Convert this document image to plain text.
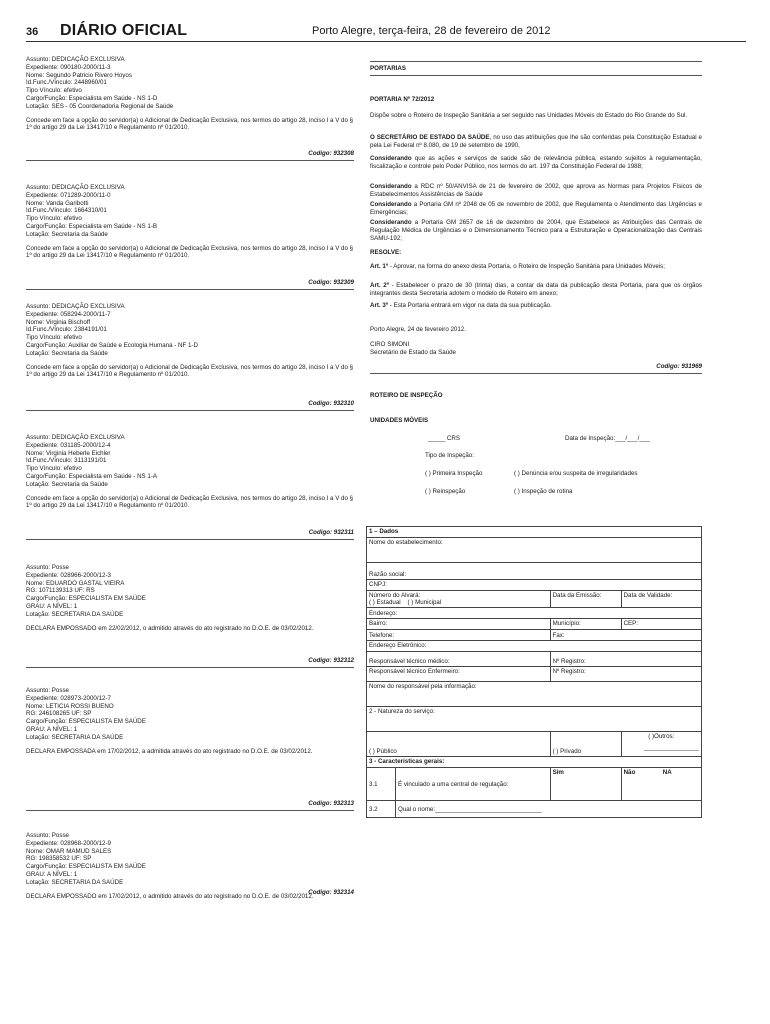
36 DIÁRIO OFICIAL	Porto Alegre, terça-feira, 28 de fevereiro de 2012
Assunto: DEDICAÇÃO EXCLUSIVA
Expediente: 090180-2000/11-3
Nome: Segundo Patricio Rivero Hoyos
Id.Func./Vínculo: 2448960/01
Tipo Vínculo: efetivo
Cargo/Função: Especialista em Saúde - NS 1-D
Lotação: SES - 05 Coordenadoria Regional de Saúde
Concede em face a opção do servidor(a) o Adicional de Dedicação Exclusiva, nos termos do artigo 28, inciso I a V do § 1º do artigo 29 da Lei 13417/10 e Regulamento nº 01/2010.
Codigo: 932308
Assunto: DEDICAÇÃO EXCLUSIVA
Expediente: 071289-2000/11-0
Nome: Vanda Garibotti
Id.Func./Vínculo: 1664310/01
Tipo Vínculo: efetivo
Cargo/Função: Especialista em Saúde - NS 1-B
Lotação: Secretaria da Saúde
Concede em face a opção do servidor(a) o Adicional de Dedicação Exclusiva, nos termos do artigo 28, inciso I a V do § 1º do artigo 29 da Lei 13417/10 e Regulamento nº 01/2010.
Codigo: 932309
Assunto: DEDICAÇÃO EXCLUSIVA
Expediente: 058294-2000/11-7
Nome: Virginia Bischoff
Id.Func./Vínculo: 2384191/01
Tipo Vínculo: efetivo
Cargo/Função: Auxiliar de Saúde e Ecologia Humana - NF 1-D
Lotação: Secretaria da Saúde
Concede em face a opção do servidor(a) o Adicional de Dedicação Exclusiva, nos termos do artigo 28, inciso I a V do § 1º do artigo 29 da Lei 13417/10 e Regulamento nº 01/2010.
Codigo: 932310
Assunto: DEDICAÇÃO EXCLUSIVA
Expediente: 031185-2000/12-4
Nome: Virginia Heberle Eichler
Id.Func./Vínculo: 3113191/01
Tipo Vínculo: efetivo
Cargo/Função: Especialista em Saúde - NS 1-A
Lotação: Secretaria da Saúde
Concede em face a opção do servidor(a) o Adicional de Dedicação Exclusiva, nos termos do artigo 28, inciso I a V do § 1º do artigo 29 da Lei 13417/10 e Regulamento nº 01/2010.
Codigo: 932311
Assunto: Posse
Expediente: 028966-2000/12-3
Nome: EDUARDO GASTAL VIEIRA
RG: 1071139313 UF: RS
Cargo/Função: ESPECIALISTA EM SAÚDE
GRAU: A NÍVEL: 1
Lotação: SECRETARIA DA SAÚDE
DECLARA EMPOSSADO em 22/02/2012, o admitido através do ato registrado no D.O.E. de 03/02/2012.
Codigo: 932312
Assunto: Posse
Expediente: 028973-2000/12-7
Nome: LETICIA ROSSI BUENO
RG: 246108265 UF: SP
Cargo/Função: ESPECIALISTA EM SAÚDE
GRAU: A NÍVEL: 1
Lotação: SECRETARIA DA SAÚDE
DECLARA EMPOSSADA em 17/02/2012, a admitida através do ato registrado no D.O.E. de 03/02/2012.
Codigo: 932313
Assunto: Posse
Expediente: 028968-2000/12-9
Nome: OMAR MAMUD SALES
RG: 198358532 UF: SP
Cargo/Função: ESPECIALISTA EM SAÚDE
GRAU: A NÍVEL: 1
Lotação: SECRETARIA DA SAÚDE
DECLARA EMPOSSADO em 17/02/2012, o admitido através do ato registrado no D.O.E. de 03/02/2012.
Codigo: 932314
PORTARIAS
PORTARIA Nº 72/2012
Dispõe sobre o Roteiro de Inspeção Sanitária a ser seguido nas Unidades Móveis do Estado do Rio Grande do Sul.
O SECRETÁRIO DE ESTADO DA SAÚDE, no uso das atribuições que lhe são conferidas pela Constituição Estadual e pela Lei Federal nº 8.080, de 19 de setembro de 1990,
Considerando que as ações e serviços de saúde são de relevância pública, estando sujeitos à regulamentação, fiscalização e controle pelo Poder Público, nos termos do art. 197 da Constituição Federal de 1988;
Considerando a RDC nº 50/ANVISA de 21 de fevereiro de 2002, que aprova as Normas para Projetos Físicos de Estabelecimentos Assistências de Saúde
Considerando a Portaria GM nº 2048 de 05 de novembro de 2002, que Regulamenta o Atendimento das Urgências e Emergências;
Considerando a Portaria GM 2657 de 16 de dezembro de 2004, que Estabelece as Atribuições das Centrais de Regulação Médica de Urgências e o Dimensionamento Técnico para a Estruturação e Operacionalização das Centrais SAMU-192;
RESOLVE:
Art. 1º - Aprovar, na forma do anexo desta Portaria, o Roteiro de Inspeção Sanitária para Unidades Móveis;
Art. 2º - Estabelecer o prazo de 30 (trinta) dias, a contar da data da publicação desta Portaria, para que os órgãos integrantes desta Secretaria adotem o modelo de Roteiro em anexo;
Art. 3º - Esta Portaria entrará em vigor na data da sua publicação.
Porto Alegre, 24 de fevereiro 2012.
CIRO SIMONI
Secretário de Estado da Saúde
Codigo: 931969
ROTEIRO DE INSPEÇÃO
UNIDADES MÓVEIS
_____ CRS	Data de Inspeção:___/___/___
Tipo de Inspeção:
( ) Primeira Inspeção	( ) Denúncia e/ou suspeita de irregularidades
( ) Reinspeção	( ) Inspeção de rotina
1 – Dados			
Nome do estabelecimento:			
Razão social:			
CNPJ:			

Número do Alvará:
( ) Estadual ( ) Municipal		Data da Emissão:	Data de Validade:
Endereço:			
Bairro:		Município:	CEP:
Telefone:		Fax:	
Endereço Eletrônico:			
Responsável técnico médico:		Nº Registro:	
Responsável técnico Enfermeiro:		Nº Registro:	
Nome do responsável pela informação:			
2 - Natureza do serviço:			
( ) Público		( ) Privado	( )Outros:
________________

3 - Características gerais:			
3.1	É vinculado a uma central de regulação:	Sim	Não NA
3.2	Qual o nome:_______________________________		
